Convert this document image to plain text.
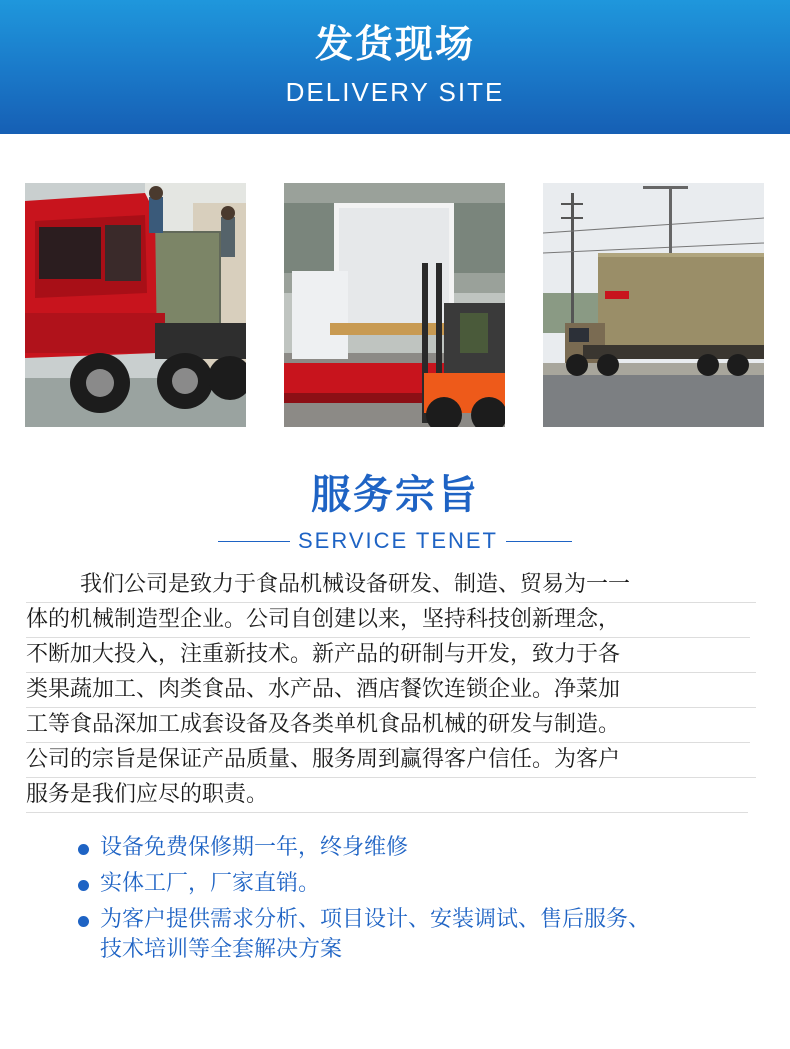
发货现场
DELIVERY SITE
服务宗旨
SERVICE TENET
我们公司是致力于食品机械设备研发、制造、贸易为一一
体的机械制造型企业。公司自创建以来，坚持科技创新理念，
不断加大投入，注重新技术。新产品的研制与开发，致力于各
类果蔬加工、肉类食品、水产品、酒店餐饮连锁企业。净菜加
工等食品深加工成套设备及各类单机食品机械的研发与制造。
公司的宗旨是保证产品质量、服务周到赢得客户信任。为客户
服务是我们应尽的职责。
设备免费保修期一年，终身维修
实体工厂，厂家直销。
为客户提供需求分析、项目设计、安装调试、售后服务、
技术培训等全套解决方案
